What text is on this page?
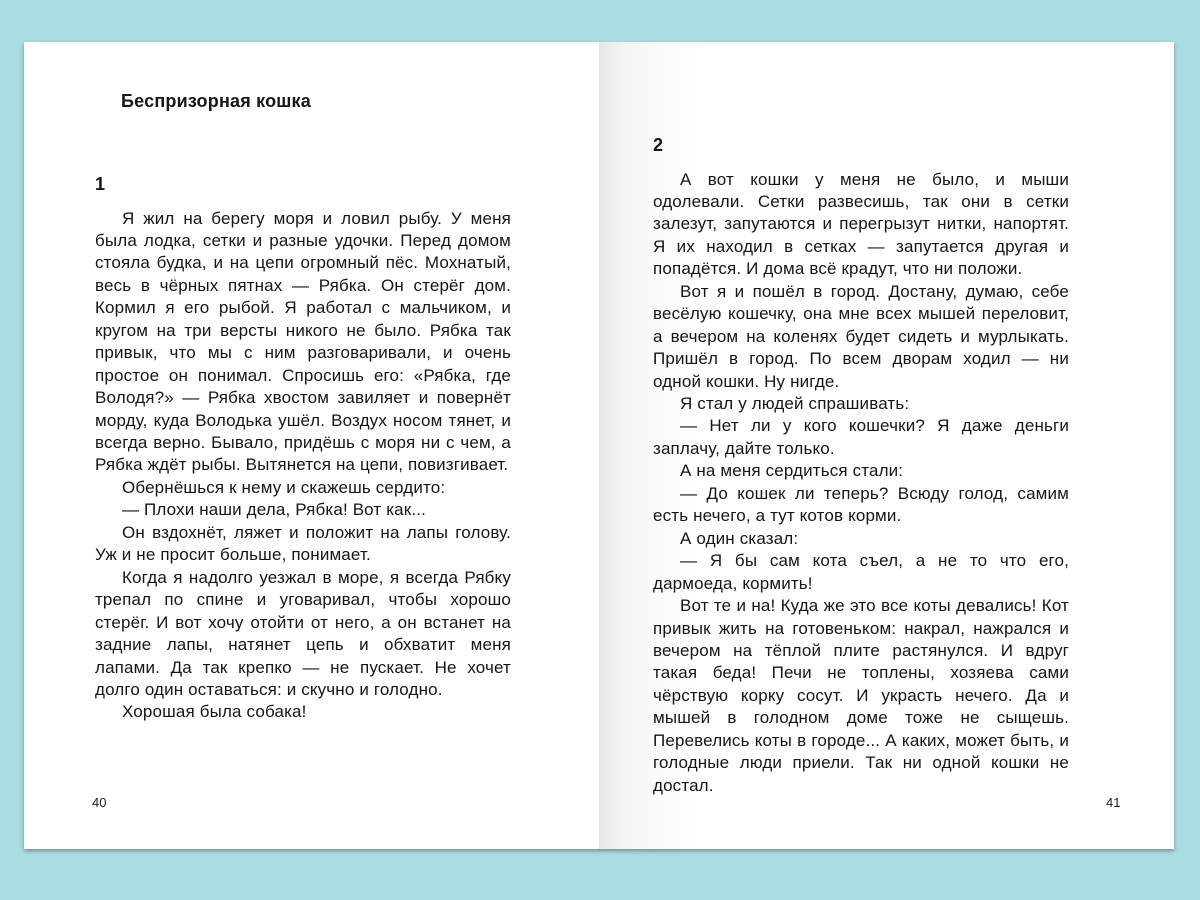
Беспризорная кошка

1

Я жил на берегу моря и ловил рыбу. У меня была лодка, сетки и разные удочки. Перед домом стояла будка, и на цепи огромный пёс. Мохнатый, весь в чёрных пятнах — Рябка. Он стерёг дом. Кормил я его рыбой. Я работал с мальчиком, и кругом на три версты никого не было. Рябка так привык, что мы с ним разговаривали, и очень простое он понимал. Спросишь его: «Рябка, где Володя?» — Рябка хвостом завиляет и повернёт морду, куда Володька ушёл. Воздух носом тянет, и всегда верно. Бывало, придёшь с моря ни с чем, а Рябка ждёт рыбы. Вытянется на цепи, повизгивает.

Обернёшься к нему и скажешь сердито:

— Плохи наши дела, Рябка! Вот как...

Он вздохнёт, ляжет и положит на лапы голову. Уж и не просит больше, понимает.

Когда я надолго уезжал в море, я всегда Рябку трепал по спине и уговаривал, чтобы хорошо стерёг. И вот хочу отойти от него, а он встанет на задние лапы, натянет цепь и обхватит меня лапами. Да так крепко — не пускает. Не хочет долго один оставаться: и скучно и голодно.

Хорошая была собака!

40

2

А вот кошки у меня не было, и мыши одолевали. Сетки развесишь, так они в сетки залезут, запутаются и перегрызут нитки, напортят. Я их находил в сетках — запутается другая и попадётся. И дома всё крадут, что ни положи.

Вот я и пошёл в город. Достану, думаю, себе весёлую кошечку, она мне всех мышей переловит, а вечером на коленях будет сидеть и мурлыкать. Пришёл в город. По всем дворам ходил — ни одной кошки. Ну нигде.

Я стал у людей спрашивать:

— Нет ли у кого кошечки? Я даже деньги заплачу, дайте только.

А на меня сердиться стали:

— До кошек ли теперь? Всюду голод, самим есть нечего, а тут котов корми.

А один сказал:

— Я бы сам кота съел, а не то что его, дармоеда, кормить!

Вот те и на! Куда же это все коты девались! Кот привык жить на готовеньком: накрал, нажрался и вечером на тёплой плите растянулся. И вдруг такая беда! Печи не топлены, хозяева сами чёрствую корку сосут. И украсть нечего. Да и мышей в голодном доме тоже не сыщешь. Перевелись коты в городе... А каких, может быть, и голодные люди приели. Так ни одной кошки не достал.

41
